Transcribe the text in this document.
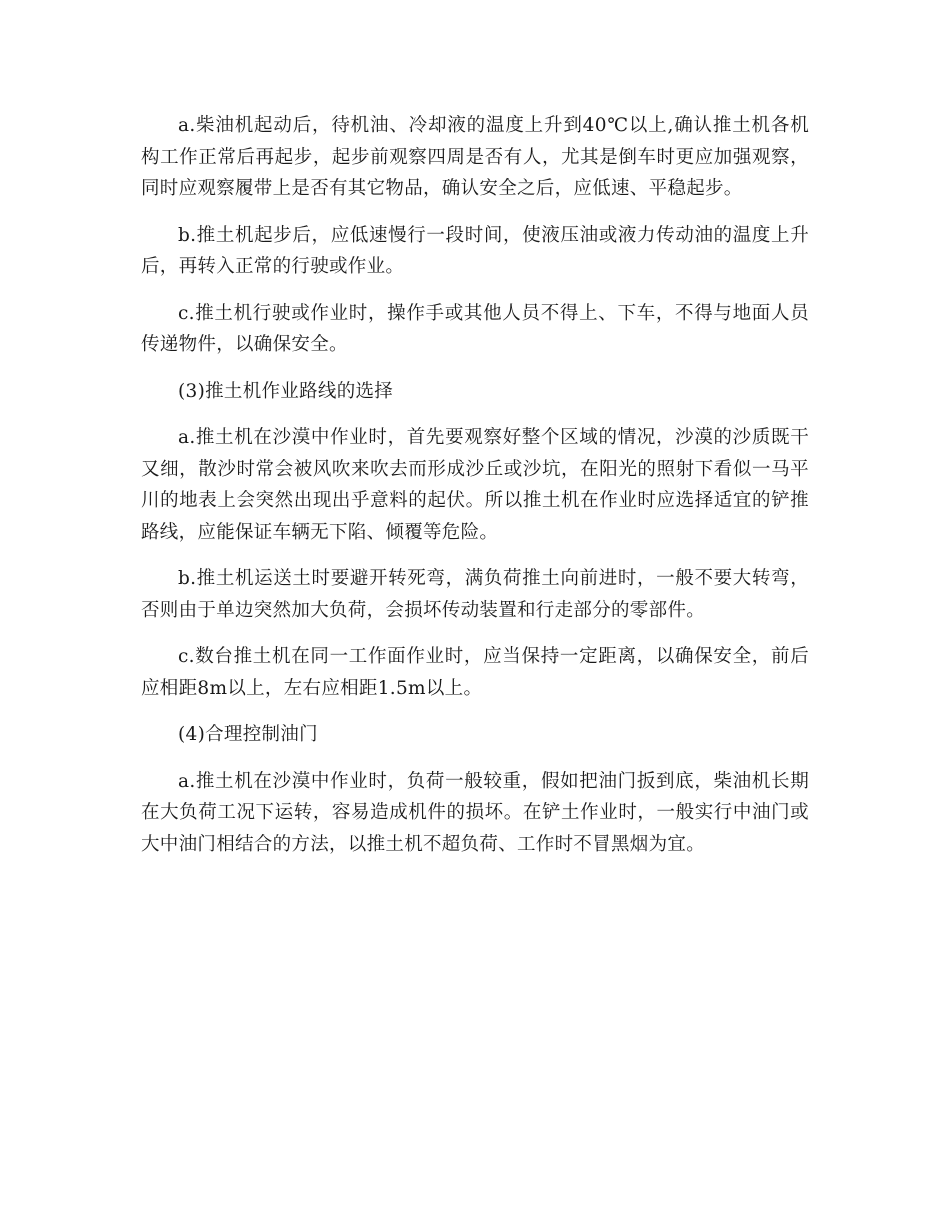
a.柴油机起动后，待机油、冷却液的温度上升到40℃以上,确认推土机各机构工作正常后再起步，起步前观察四周是否有人，尤其是倒车时更应加强观察，同时应观察履带上是否有其它物品，确认安全之后，应低速、平稳起步。

b.推土机起步后，应低速慢行一段时间，使液压油或液力传动油的温度上升后，再转入正常的行驶或作业。

c.推土机行驶或作业时，操作手或其他人员不得上、下车，不得与地面人员传递物件，以确保安全。

(3)推土机作业路线的选择

a.推土机在沙漠中作业时，首先要观察好整个区域的情况，沙漠的沙质既干又细，散沙时常会被风吹来吹去而形成沙丘或沙坑，在阳光的照射下看似一马平川的地表上会突然出现出乎意料的起伏。所以推土机在作业时应选择适宜的铲推路线，应能保证车辆无下陷、倾覆等危险。

b.推土机运送土时要避开转死弯，满负荷推土向前进时，一般不要大转弯，否则由于单边突然加大负荷，会损坏传动装置和行走部分的零部件。

c.数台推土机在同一工作面作业时，应当保持一定距离，以确保安全，前后应相距8m以上，左右应相距1.5m以上。

(4)合理控制油门

a.推土机在沙漠中作业时，负荷一般较重，假如把油门扳到底，柴油机长期在大负荷工况下运转，容易造成机件的损坏。在铲土作业时，一般实行中油门或大中油门相结合的方法，以推土机不超负荷、工作时不冒黑烟为宜。
